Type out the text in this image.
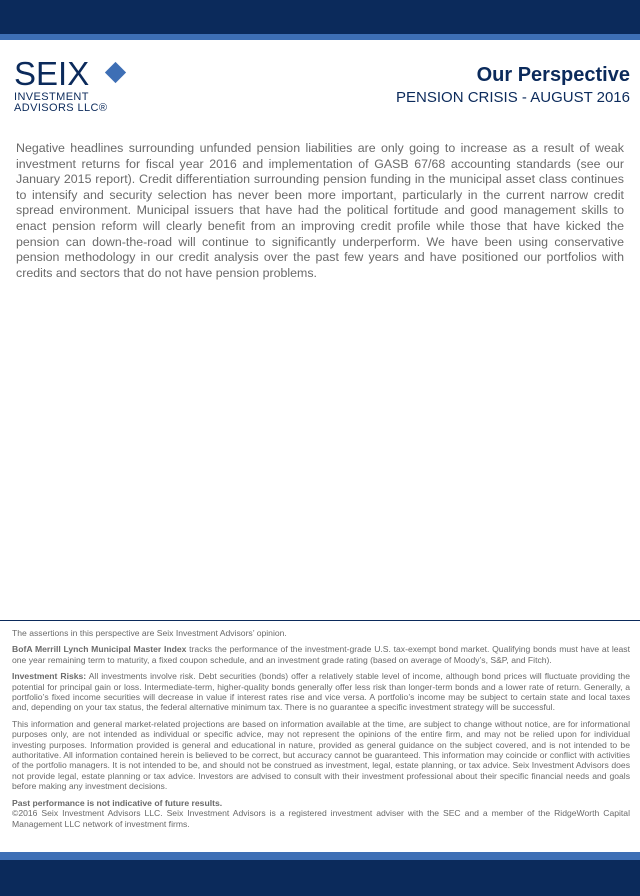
SEIX
INVESTMENT
ADVISORS LLC®
Our Perspective
PENSION CRISIS - AUGUST 2016

Negative headlines surrounding unfunded pension liabilities are only going to increase as a result of weak investment returns for fiscal year 2016 and implementation of GASB 67/68 accounting standards (see our January 2015 report). Credit differentiation surrounding pension funding in the municipal asset class continues to intensify and security selection has never been more important, particularly in the current narrow credit spread environment. Municipal issuers that have had the political fortitude and good management skills to enact pension reform will clearly benefit from an improving credit profile while those that have kicked the pension can down-the-road will continue to significantly underperform. We have been using conservative pension methodology in our credit analysis over the past few years and have positioned our portfolios with credits and sectors that do not have pension problems.

The assertions in this perspective are Seix Investment Advisors’ opinion.

BofA Merrill Lynch Municipal Master Index tracks the performance of the investment-grade U.S. tax-exempt bond market. Qualifying bonds must have at least one year remaining term to maturity, a fixed coupon schedule, and an investment grade rating (based on average of Moody’s, S&P, and Fitch).

Investment Risks: All investments involve risk. Debt securities (bonds) offer a relatively stable level of income, although bond prices will fluctuate providing the potential for principal gain or loss. Intermediate-term, higher-quality bonds generally offer less risk than longer-term bonds and a lower rate of return. Generally, a portfolio’s fixed income securities will decrease in value if interest rates rise and vice versa. A portfolio’s income may be subject to certain state and local taxes and, depending on your tax status, the federal alternative minimum tax. There is no guarantee a specific investment strategy will be successful.

This information and general market-related projections are based on information available at the time, are subject to change without notice, are for informational purposes only, are not intended as individual or specific advice, may not represent the opinions of the entire firm, and may not be relied upon for individual investing purposes. Information provided is general and educational in nature, provided as general guidance on the subject covered, and is not intended to be authoritative. All information contained herein is believed to be correct, but accuracy cannot be guaranteed. This information may coincide or conflict with activities of the portfolio managers. It is not intended to be, and should not be construed as investment, legal, estate planning, or tax advice. Seix Investment Advisors does not provide legal, estate planning or tax advice. Investors are advised to consult with their investment professional about their specific financial needs and goals before making any investment decisions.

Past performance is not indicative of future results.

©2016 Seix Investment Advisors LLC. Seix Investment Advisors is a registered investment adviser with the SEC and a member of the RidgeWorth Capital Management LLC network of investment firms.
